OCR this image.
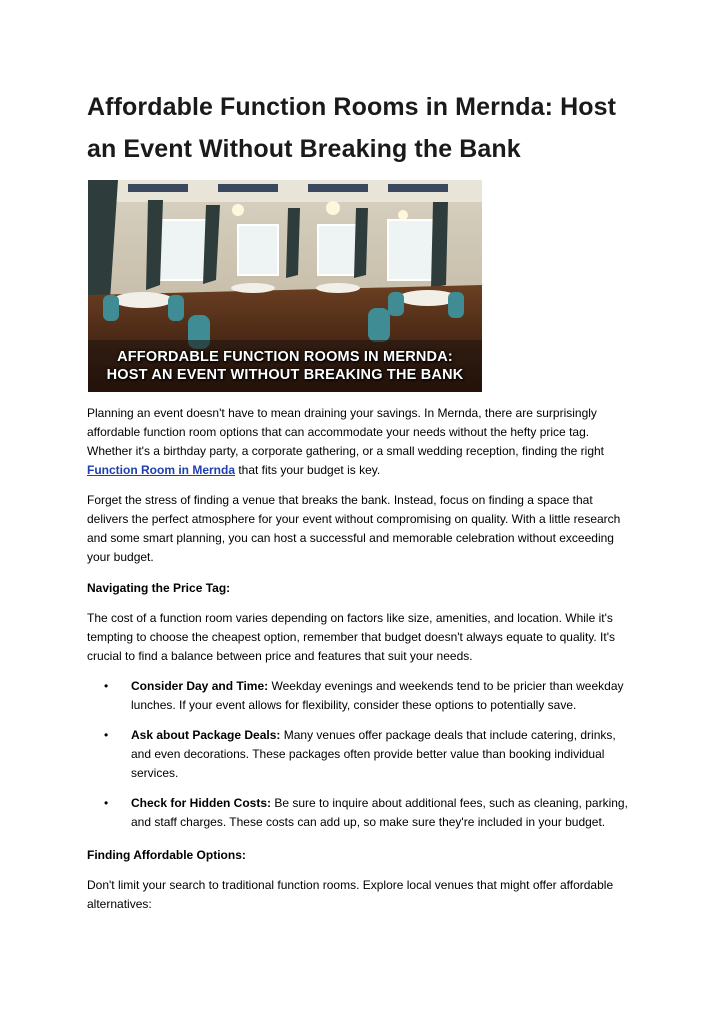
Affordable Function Rooms in Mernda: Host an Event Without Breaking the Bank
AFFORDABLE FUNCTION ROOMS IN MERNDA:
HOST AN EVENT WITHOUT BREAKING THE BANK

Planning an event doesn't have to mean draining your savings. In Mernda, there are surprisingly affordable function room options that can accommodate your needs without the hefty price tag. Whether it's a birthday party, a corporate gathering, or a small wedding reception, finding the right Function Room in Mernda that fits your budget is key.

Forget the stress of finding a venue that breaks the bank. Instead, focus on finding a space that delivers the perfect atmosphere for your event without compromising on quality. With a little research and some smart planning, you can host a successful and memorable celebration without exceeding your budget.

Navigating the Price Tag:

The cost of a function room varies depending on factors like size, amenities, and location. While it's tempting to choose the cheapest option, remember that budget doesn't always equate to quality. It's crucial to find a balance between price and features that suit your needs.

• Consider Day and Time: Weekday evenings and weekends tend to be pricier than weekday lunches. If your event allows for flexibility, consider these options to potentially save.
• Ask about Package Deals: Many venues offer package deals that include catering, drinks, and even decorations. These packages often provide better value than booking individual services.
• Check for Hidden Costs: Be sure to inquire about additional fees, such as cleaning, parking, and staff charges. These costs can add up, so make sure they're included in your budget.

Finding Affordable Options:

Don't limit your search to traditional function rooms. Explore local venues that might offer affordable alternatives:
